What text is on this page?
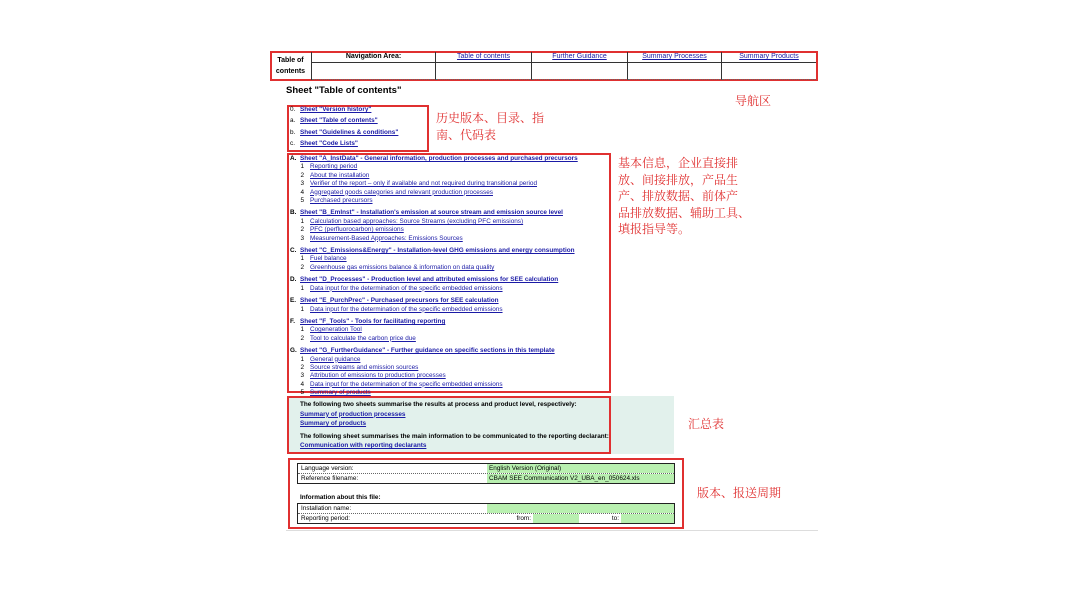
Table of
contents
Navigation Area:	Table of contents	Further Guidance	Summary Processes	Summary Products
Sheet "Table of contents"
0. Sheet "Version history"
a. Sheet "Table of contents"
b. Sheet "Guidelines & conditions"
c. Sheet "Code Lists"
A. Sheet "A_InstData" - General information, production processes and purchased precursors
1 Reporting period
2 About the installation
3 Verifier of the report – only if available and not required during transitional period
4 Aggregated goods categories and relevant production processes
5 Purchased precursors
B. Sheet "B_EmInst" - Installation's emission at source stream and emission source level
1 Calculation based approaches: Source Streams (excluding PFC emissions)
2 PFC (perfluorocarbon) emissions
3 Measurement-Based Approaches: Emissions Sources
C. Sheet "C_Emissions&Energy" - Installation-level GHG emissions and energy consumption
1 Fuel balance
2 Greenhouse gas emissions balance & information on data quality
D. Sheet "D_Processes" - Production level and attributed emissions for SEE calculation
1 Data input for the determination of the specific embedded emissions
E. Sheet "E_PurchPrec" - Purchased precursors for SEE calculation
1 Data input for the determination of the specific embedded emissions
F. Sheet "F_Tools" - Tools for facilitating reporting
1 Cogeneration Tool
2 Tool to calculate the carbon price due
G. Sheet "G_FurtherGuidance" - Further guidance on specific sections in this template
1 General guidance
2 Source streams and emission sources
3 Attribution of emissions to production processes
4 Data input for the determination of the specific embedded emissions
5 Summary of products
The following two sheets summarise the results at process and product level, respectively:
Summary of production processes
Summary of products
The following sheet summarises the main information to be communicated to the reporting declarant:
Communication with reporting declarants
Language version:	English Version (Original)
Reference filename:	CBAM SEE Communication V2_UBA_en_050624.xls
Information about this file:
Installation name:
Reporting period:	from:	to:
导航区
历史版本、目录、指
南、代码表
基本信息，企业直接排
放、间接排放，产品生
产、排放数据、前体产
品排放数据、辅助工具、
填报指导等。
汇总表
版本、报送周期
